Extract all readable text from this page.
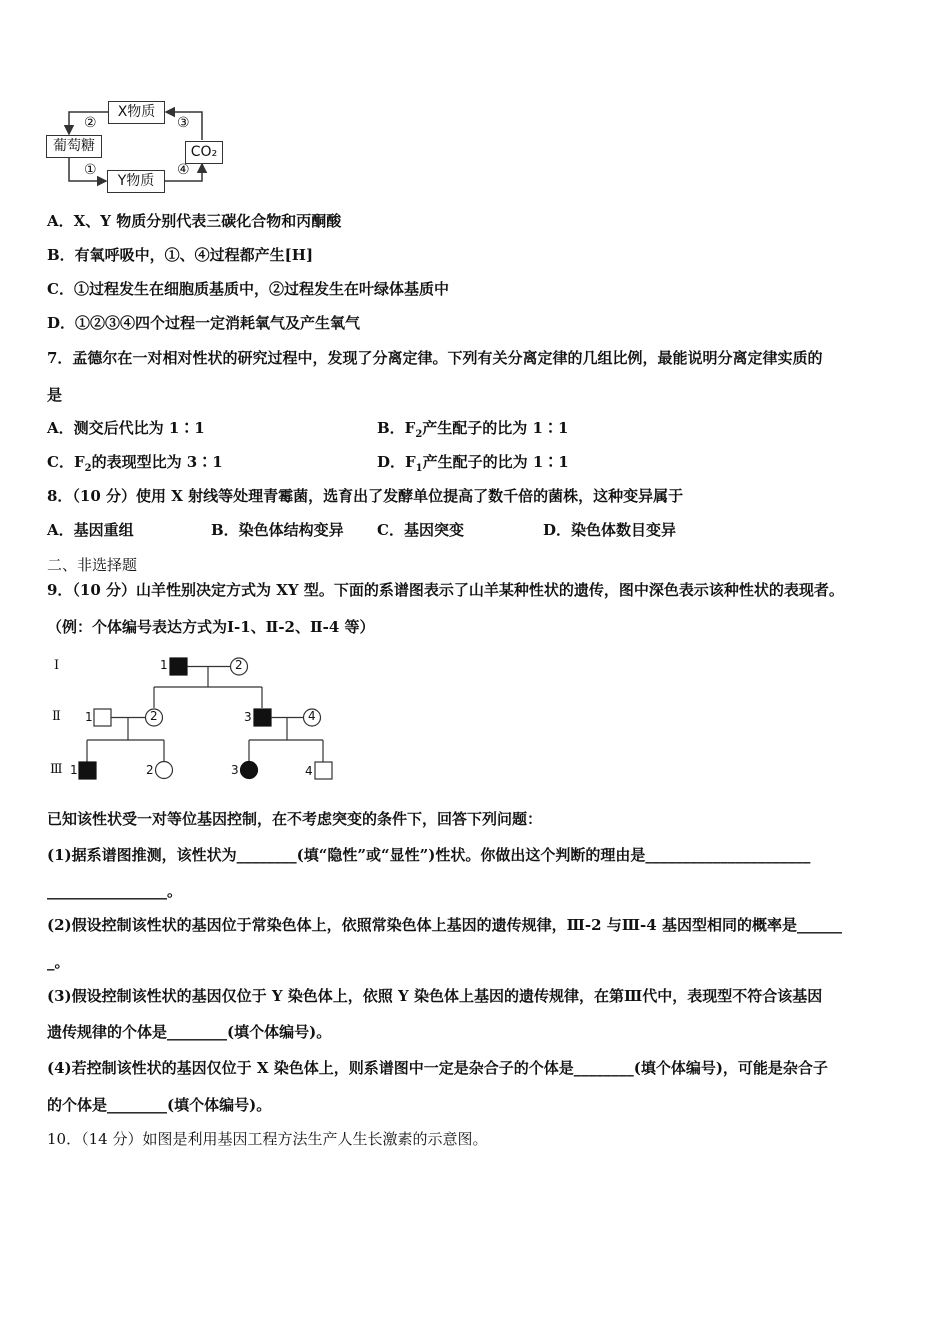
X物质
葡萄糖
Y物质
CO₂
②	③
①	④
A．X、Y 物质分别代表三碳化合物和丙酮酸
B．有氧呼吸中，①、④过程都产生[H]
C．①过程发生在细胞质基质中，②过程发生在叶绿体基质中
D．①②③④四个过程一定消耗氧气及产生氧气
7．孟德尔在一对相对性状的研究过程中，发现了分离定律。下列有关分离定律的几组比例，最能说明分离定律实质的
是
A．测交后代比为 1∶1	B．$F_2$产生配子的比为 1∶1
C．$F_2$的表现型比为 3∶1	D．$F_1$产生配子的比为 1∶1
8．（10 分）使用 X 射线等处理青霉菌，选育出了发酵单位提高了数千倍的菌株，这种变异属于
A．基因重组	B．染色体结构变异 C．基因突变	D．染色体数目变异
二、非选择题
9．（10 分）山羊性别决定方式为 XY 型。下面的系谱图表示了山羊某种性状的遗传，图中深色表示该种性状的表现者。
（例：个体编号表达方式为Ⅰ-1、Ⅱ-2、Ⅱ-4 等）
Ⅰ
Ⅱ
Ⅲ
1	2
1	2	3	4
1	2	3	4
已知该性状受一对等位基因控制，在不考虑突变的条件下，回答下列问题：
(1)据系谱图推测，该性状为________(填“隐性”或“显性”)性状。你做出这个判断的理由是______________________
________________。
(2)假设控制该性状的基因位于常染色体上，依照常染色体上基因的遗传规律，Ⅲ-2 与Ⅲ-4 基因型相同的概率是______
_。
(3)假设控制该性状的基因仅位于 Y 染色体上，依照 Y 染色体上基因的遗传规律，在第Ⅲ代中，表现型不符合该基因
遗传规律的个体是________(填个体编号)。
(4)若控制该性状的基因仅位于 X 染色体上，则系谱图中一定是杂合子的个体是________(填个体编号)，可能是杂合子
的个体是________(填个体编号)。
10．（14 分）如图是利用基因工程方法生产人生长激素的示意图。
